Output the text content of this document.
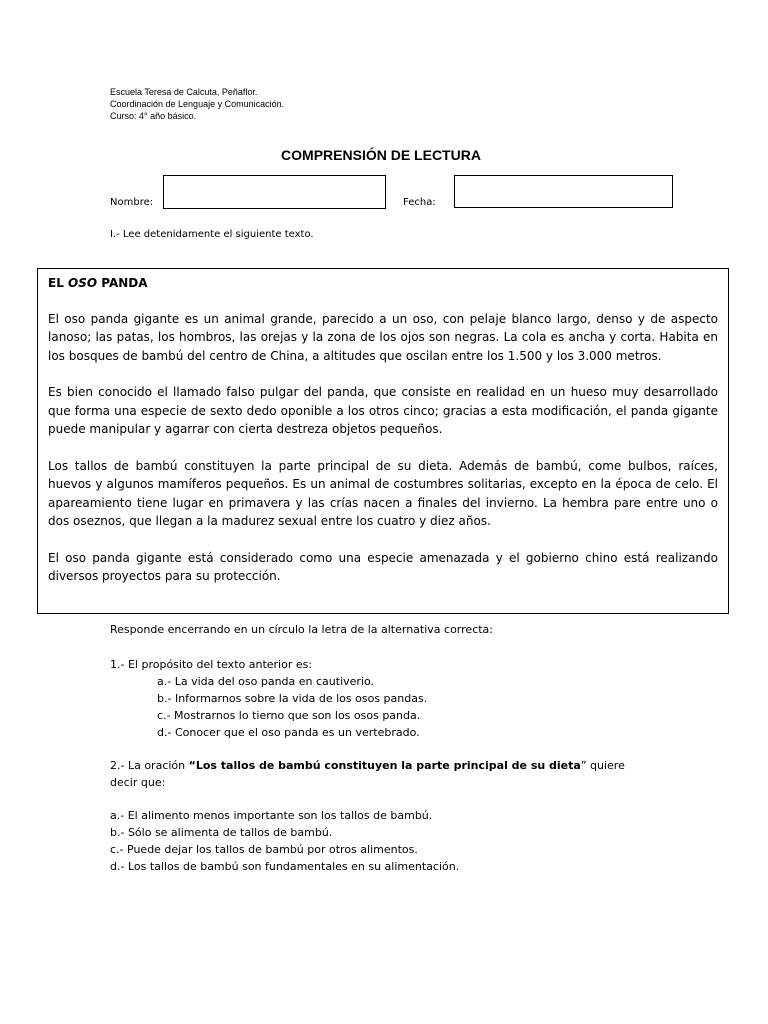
Escuela Teresa de Calcuta, Peñaflor.
Coordinación de Lenguaje y Comunicación.
Curso: 4° año básico.
COMPRENSIÓN DE LECTURA
Nombre:	Fecha:
I.- Lee detenidamente el siguiente texto.
EL OSO PANDA

El oso panda gigante es un animal grande, parecido a un oso, con pelaje blanco largo, denso y de aspecto lanoso; las patas, los hombros, las orejas y la zona de los ojos son negras. La cola es ancha y corta. Habita en los bosques de bambú del centro de China, a altitudes que oscilan entre los 1.500 y los 3.000 metros.

Es bien conocido el llamado falso pulgar del panda, que consiste en realidad en un hueso muy desarrollado que forma una especie de sexto dedo oponible a los otros cinco; gracias a esta modificación, el panda gigante puede manipular y agarrar con cierta destreza objetos pequeños.

Los tallos de bambú constituyen la parte principal de su dieta. Además de bambú, come bulbos, raíces, huevos y algunos mamíferos pequeños. Es un animal de costumbres solitarias, excepto en la época de celo. El apareamiento tiene lugar en primavera y las crías nacen a finales del invierno. La hembra pare entre uno o dos oseznos, que llegan a la madurez sexual entre los cuatro y diez años.

El oso panda gigante está considerado como una especie amenazada y el gobierno chino está realizando diversos proyectos para su protección.

Responde encerrando en un círculo la letra de la alternativa correcta:
1.- El propósito del texto anterior es:
a.- La vida del oso panda en cautiverio.
b.- Informarnos sobre la vida de los osos pandas.
c.- Mostrarnos lo tierno que son los osos panda.
d.- Conocer que el oso panda es un vertebrado.
2.- La oración “Los tallos de bambú constituyen la parte principal de su dieta” quiere
decir que:
a.- El alimento menos importante son los tallos de bambú.
b.- Sólo se alimenta de tallos de bambú.
c.- Puede dejar los tallos de bambú por otros alimentos.
d.- Los tallos de bambú son fundamentales en su alimentación.
